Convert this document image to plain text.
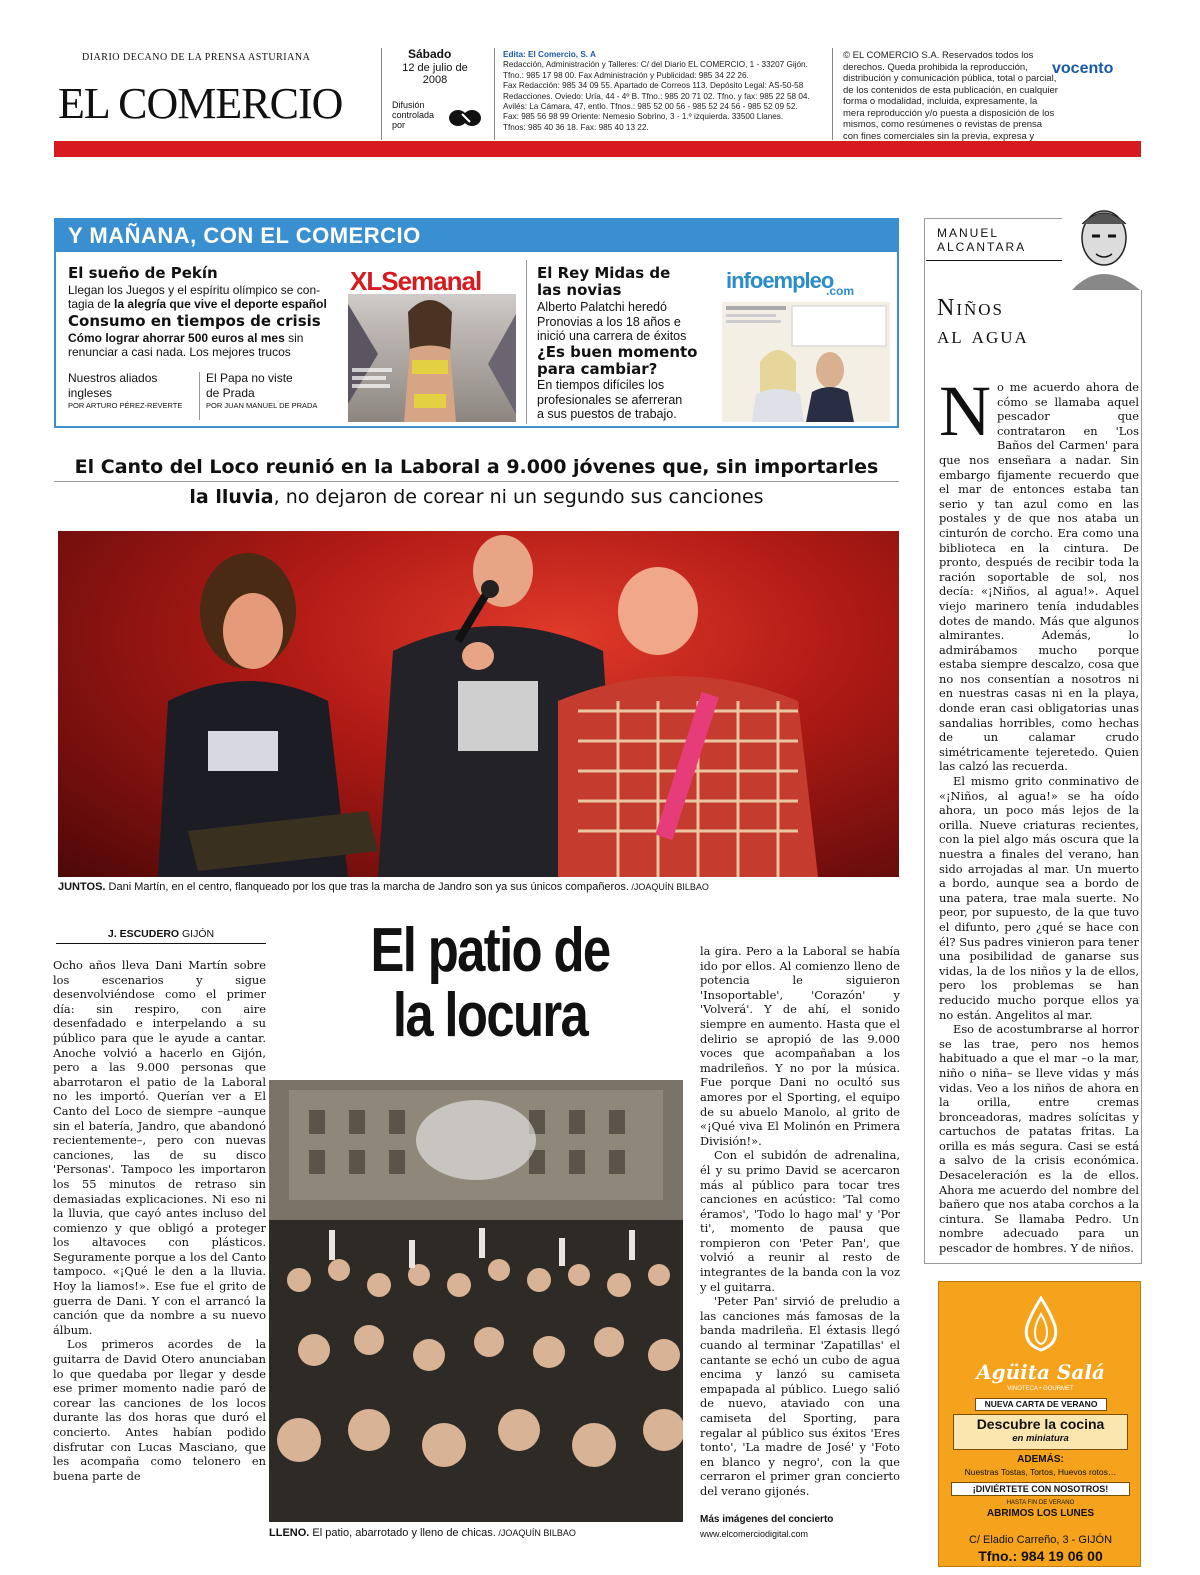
DIARIO DECANO DE LA PRENSA ASTURIANA
EL COMERCIO
Sábado
12 de julio de
2008
Difusión
controlada
por
Edita: El Comercio, S. A
Redacción, Administración y Talleres: C/ del Diario EL COMERCIO, 1 - 33207 Gijón.
Tfno.: 985 17 98 00. Fax Administración y Publicidad: 985 34 22 26.
Fax Redacción: 985 34 09 55. Apartado de Correos 113. Depósito Legal: AS-50-58
Redacciones. Oviedo: Uría, 44 - 4º B. Tfno.: 985 20 71 02. Tfno. y fax: 985 22 58 04.
Avilés: La Cámara, 47, entlo. Tfnos.: 985 52 00 56 - 985 52 24 56 - 985 52 09 52.
Fax: 985 56 98 99 Oriente: Nemesio Sobrino, 3 - 1.º izquierda. 33500 Llanes.
Tfnos: 985 40 36 18. Fax: 985 40 13 22.
© EL COMERCIO S.A. Reservados todos los derechos. Queda prohibida la reproducción, distribución y comunicación pública, total o parcial, de los contenidos de esta publicación, en cualquier forma o modalidad, incluida, expresamente, la mera reproducción y/o puesta a disposición de los mismos, como resúmenes o revistas de prensa con fines comerciales sin la previa, expresa y
vocento
Y MAÑANA, CON EL COMERCIO
El sueño de Pekín
Llegan los Juegos y el espíritu olímpico se con-
tagia de la alegría que vive el deporte español
Consumo en tiempos de crisis
Cómo lograr ahorrar 500 euros al mes sin
renunciar a casi nada. Los mejores trucos
Nuestros aliados
ingleses
POR ARTURO PÉREZ-REVERTE
El Papa no viste
de Prada
POR JUAN MANUEL DE PRADA
XLSemanal	El Rey Midas de
las novias
Alberto Palatchi heredó
Pronovias a los 18 años e
inició una carrera de éxitos
¿Es buen momento
para cambiar?
En tiempos difíciles los
profesionales se aferreran
a sus puestos de trabajo.
infoempleo
.com
El Canto del Loco reunió en la Laboral a 9.000 jóvenes que, sin importarles
la lluvia, no dejaron de corear ni un segundo sus canciones
JUNTOS. Dani Martín, en el centro, flanqueado por los que tras la marcha de Jandro son ya sus únicos compañeros. /JOAQUÍN BILBAO
J. ESCUDERO GIJÓN

Ocho años lleva Dani Martín sobre los escenarios y sigue desenvolviéndose como el primer día: sin respiro, con aire desenfadado e interpelando a su público para que le ayude a cantar. Anoche volvió a hacerlo en Gijón, pero a las 9.000 personas que abarrotaron el patio de la Laboral no les importó. Querían ver a El Canto del Loco de siempre –aunque sin el batería, Jandro, que abandonó recientemente–, pero con nuevas canciones, las de su disco 'Personas'. Tampoco les importaron los 55 minutos de retraso sin demasiadas explicaciones. Ni eso ni la lluvia, que cayó antes incluso del comienzo y que obligó a proteger los altavoces con plásticos. Seguramente porque a los del Canto tampoco. «¡Qué le den a la lluvia. Hoy la liamos!». Ese fue el grito de guerra de Dani. Y con el arrancó la canción que da nombre a su nuevo álbum.

Los primeros acordes de la guitarra de David Otero anunciaban lo que quedaba por llegar y desde ese primer momento nadie paró de corear las canciones de los locos durante las dos horas que duró el concierto. Antes habían podido disfrutar con Lucas Masciano, que les acompaña como telonero en buena parte de

El patio de
la locura
LLENO. El patio, abarrotado y lleno de chicas. /JOAQUÍN BILBAO

la gira. Pero a la Laboral se había ido por ellos. Al comienzo lleno de potencia le siguieron 'Insoportable', 'Corazón' y 'Volverá'. Y de ahí, el sonido siempre en aumento. Hasta que el delirio se apropió de las 9.000 voces que acompañaban a los madrileños. Y no por la música. Fue porque Dani no ocultó sus amores por el Sporting, el equipo de su abuelo Manolo, al grito de «¡Qué viva El Molinón en Primera División!».

Con el subidón de adrenalina, él y su primo David se acercaron más al público para tocar tres canciones en acústico: 'Tal como éramos', 'Todo lo hago mal' y 'Por ti', momento de pausa que rompieron con 'Peter Pan', que volvió a reunir al resto de integrantes de la banda con la voz y el guitarra.

'Peter Pan' sirvió de preludio a las canciones más famosas de la banda madrileña. El éxtasis llegó cuando al terminar 'Zapatillas' el cantante se echó un cubo de agua encima y lanzó su camiseta empapada al público. Luego salió de nuevo, ataviado con una camiseta del Sporting, para regalar al público sus éxitos 'Eres tonto', 'La madre de José' y 'Foto en blanco y negro', con la que cerraron el primer gran concierto del verano gijonés.

Más imágenes del concierto
www.elcomerciodigital.com
MANUEL
ALCANTARA
Niños
al agua

No me acuerdo ahora de cómo se llamaba aquel pescador que contrataron en 'Los Baños del Carmen' para que nos enseñara a nadar. Sin embargo fijamente recuerdo que el mar de entonces estaba tan serio y tan azul como en las postales y de que nos ataba un cinturón de corcho. Era como una biblioteca en la cintura. De pronto, después de recibir toda la ración soportable de sol, nos decía: «¡Niños, al agua!». Aquel viejo marinero tenía indudables dotes de mando. Más que algunos almirantes. Además, lo admirábamos mucho porque estaba siempre descalzo, cosa que no nos consentían a nosotros ni en nuestras casas ni en la playa, donde eran casi obligatorias unas sandalias horribles, como hechas de un calamar crudo simétricamente tejeretedo. Quien las calzó las recuerda.

El mismo grito conminativo de «¡Niños, al agua!» se ha oído ahora, un poco más lejos de la orilla. Nueve criaturas recientes, con la piel algo más oscura que la nuestra a finales del verano, han sido arrojadas al mar. Un muerto a bordo, aunque sea a bordo de una patera, trae mala suerte. No peor, por supuesto, de la que tuvo el difunto, pero ¿qué se hace con él? Sus padres vinieron para tener una posibilidad de ganarse sus vidas, la de los niños y la de ellos, pero los problemas se han reducido mucho porque ellos ya no están. Angelitos al mar.

Eso de acostumbrarse al horror se las trae, pero nos hemos habituado a que el mar –o la mar, niño o niña– se lleve vidas y más vidas. Veo a los niños de ahora en la orilla, entre cremas bronceadoras, madres solícitas y cartuchos de patatas fritas. La orilla es más segura. Casi se está a salvo de la crisis económica. Desaceleración es la de ellos. Ahora me acuerdo del nombre del bañero que nos ataba corchos a la cintura. Se llamaba Pedro. Un nombre adecuado para un pescador de hombres. Y de niños.

Agüita Salá
VINOTECA • GOURMET
NUEVA CARTA DE VERANO
Descubre la cocina
en miniatura
ADEMÁS:
Nuestras Tostas, Tortos, Huevos rotos…
¡DIVIÉRTETE CON NOSOTROS!
HASTA FIN DE VERANO
ABRIMOS LOS LUNES
C/ Eladio Carreño, 3 - GIJÓN
Tfno.: 984 19 06 00
